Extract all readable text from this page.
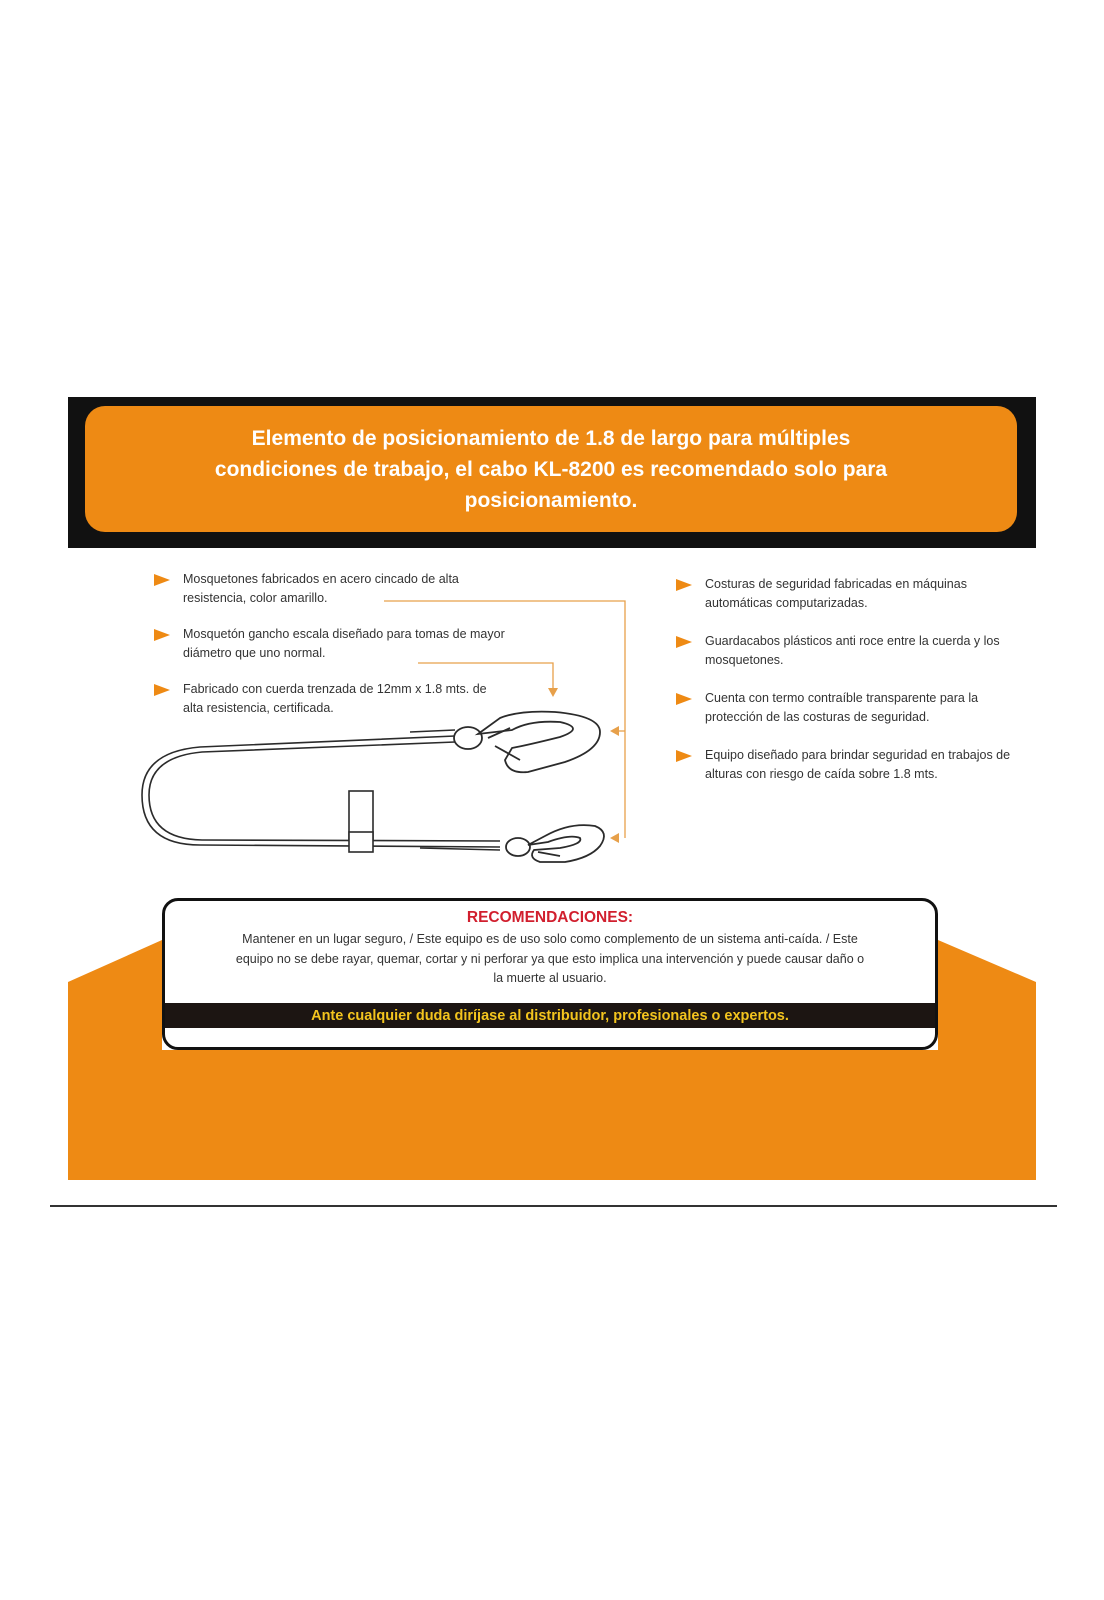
Elemento de posicionamiento de 1.8 de largo para múltiples condiciones de trabajo, el cabo KL-8200 es recomendado solo para posicionamiento.

Mosquetones fabricados en acero cincado de alta resistencia, color amarillo.
Mosquetón gancho escala diseñado para tomas de mayor diámetro que uno normal.
Fabricado con cuerda trenzada de 12mm x 1.8 mts. de alta resistencia, certificada.
Costuras de seguridad fabricadas en máquinas automáticas computarizadas.
Guardacabos plásticos anti roce entre la cuerda y los mosquetones.
Cuenta con termo contraíble transparente para la protección de las costuras de seguridad.
Equipo diseñado para brindar seguridad en trabajos de alturas con riesgo de caída sobre 1.8 mts.

RECOMENDACIONES:

Mantener en un lugar seguro, / Este equipo es de uso solo como complemento de un sistema anti-caída. / Este equipo no se debe rayar, quemar, cortar y ni perforar ya que esto implica una intervención y puede causar daño o la muerte al usuario.

Ante cualquier duda diríjase al distribuidor, profesionales o expertos.
